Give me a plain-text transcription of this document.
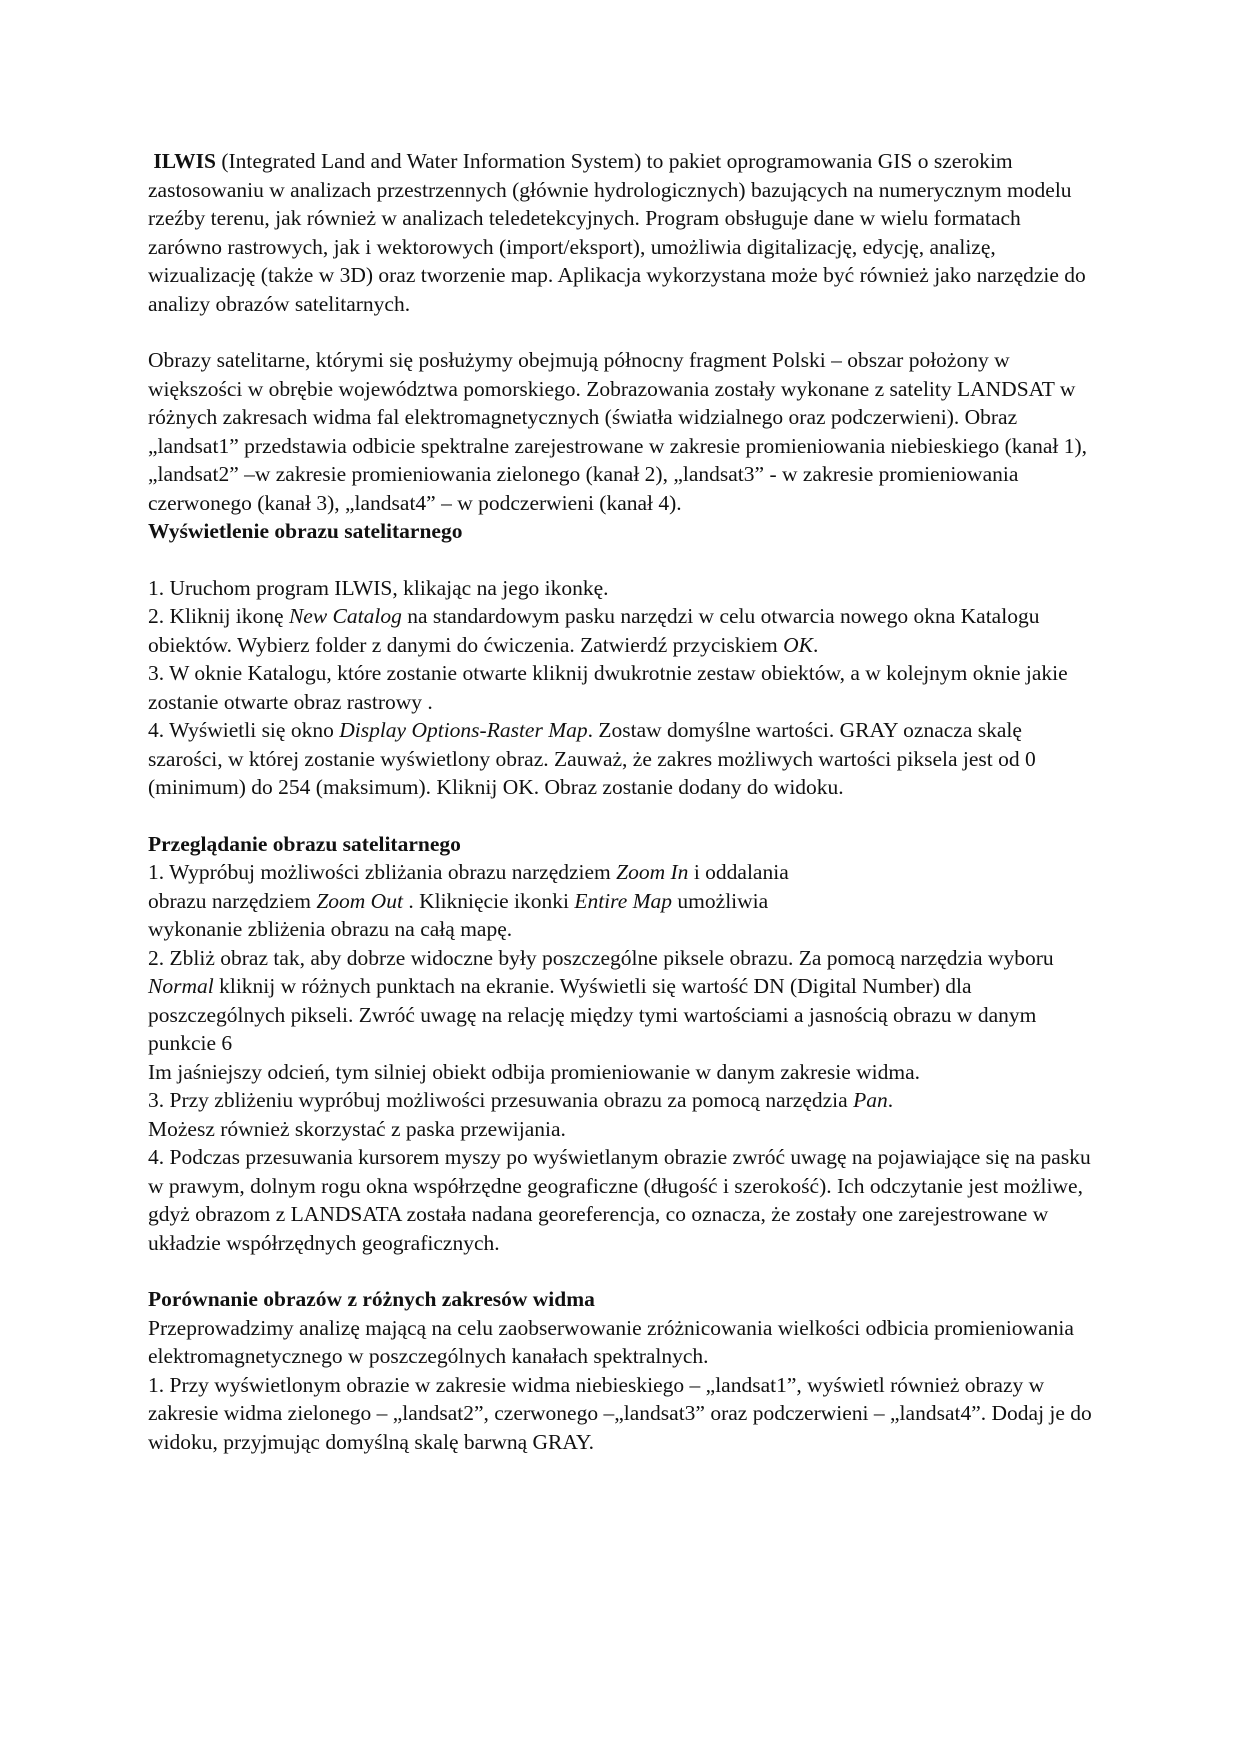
ILWIS (Integrated Land and Water Information System) to pakiet oprogramowania GIS o szerokim zastosowaniu w analizach przestrzennych (głównie hydrologicznych) bazujących na numerycznym modelu rzeźby terenu, jak również w analizach teledetekcyjnych. Program obsługuje dane w wielu formatach zarówno rastrowych, jak i wektorowych (import/eksport), umożliwia digitalizację, edycję, analizę, wizualizację (także w 3D) oraz tworzenie map. Aplikacja wykorzystana może być również jako narzędzie do analizy obrazów satelitarnych.

Obrazy satelitarne, którymi się posłużymy obejmują północny fragment Polski – obszar położony w większości w obrębie województwa pomorskiego. Zobrazowania zostały wykonane z satelity LANDSAT w różnych zakresach widma fal elektromagnetycznych (światła widzialnego oraz podczerwieni). Obraz „landsat1” przedstawia odbicie spektralne zarejestrowane w zakresie promieniowania niebieskiego (kanał 1), „landsat2” –w zakresie promieniowania zielonego (kanał 2), „landsat3” - w zakresie promieniowania czerwonego (kanał 3), „landsat4” – w podczerwieni (kanał 4).

Wyświetlenie obrazu satelitarnego

1. Uruchom program ILWIS, klikając na jego ikonkę.

2. Kliknij ikonę New Catalog na standardowym pasku narzędzi w celu otwarcia nowego okna Katalogu obiektów. Wybierz folder z danymi do ćwiczenia. Zatwierdź przyciskiem OK.

3. W oknie Katalogu, które zostanie otwarte kliknij dwukrotnie zestaw obiektów, a w kolejnym oknie jakie zostanie otwarte obraz rastrowy .

4. Wyświetli się okno Display Options-Raster Map. Zostaw domyślne wartości. GRAY oznacza skalę szarości, w której zostanie wyświetlony obraz. Zauważ, że zakres możliwych wartości piksela jest od 0 (minimum) do 254 (maksimum). Kliknij OK. Obraz zostanie dodany do widoku.

Przeglądanie obrazu satelitarnego

1. Wypróbuj możliwości zbliżania obrazu narzędziem Zoom In i oddalania

obrazu narzędziem Zoom Out . Kliknięcie ikonki Entire Map umożliwia

wykonanie zbliżenia obrazu na całą mapę.

2. Zbliż obraz tak, aby dobrze widoczne były poszczególne piksele obrazu. Za pomocą narzędzia wyboru Normal kliknij w różnych punktach na ekranie. Wyświetli się wartość DN (Digital Number) dla poszczególnych pikseli. Zwróć uwagę na relację między tymi wartościami a jasnością obrazu w danym punkcie 6

Im jaśniejszy odcień, tym silniej obiekt odbija promieniowanie w danym zakresie widma.

3. Przy zbliżeniu wypróbuj możliwości przesuwania obrazu za pomocą narzędzia Pan.

Możesz również skorzystać z paska przewijania.

4. Podczas przesuwania kursorem myszy po wyświetlanym obrazie zwróć uwagę na pojawiające się na pasku w prawym, dolnym rogu okna współrzędne geograficzne (długość i szerokość). Ich odczytanie jest możliwe, gdyż obrazom z LANDSATA została nadana georeferencja, co oznacza, że zostały one zarejestrowane w układzie współrzędnych geograficznych.

Porównanie obrazów z różnych zakresów widma

Przeprowadzimy analizę mającą na celu zaobserwowanie zróżnicowania wielkości odbicia promieniowania elektromagnetycznego w poszczególnych kanałach spektralnych.

1. Przy wyświetlonym obrazie w zakresie widma niebieskiego – „landsat1”, wyświetl również obrazy w zakresie widma zielonego – „landsat2”, czerwonego –„landsat3” oraz podczerwieni – „landsat4”. Dodaj je do widoku, przyjmując domyślną skalę barwną GRAY.
